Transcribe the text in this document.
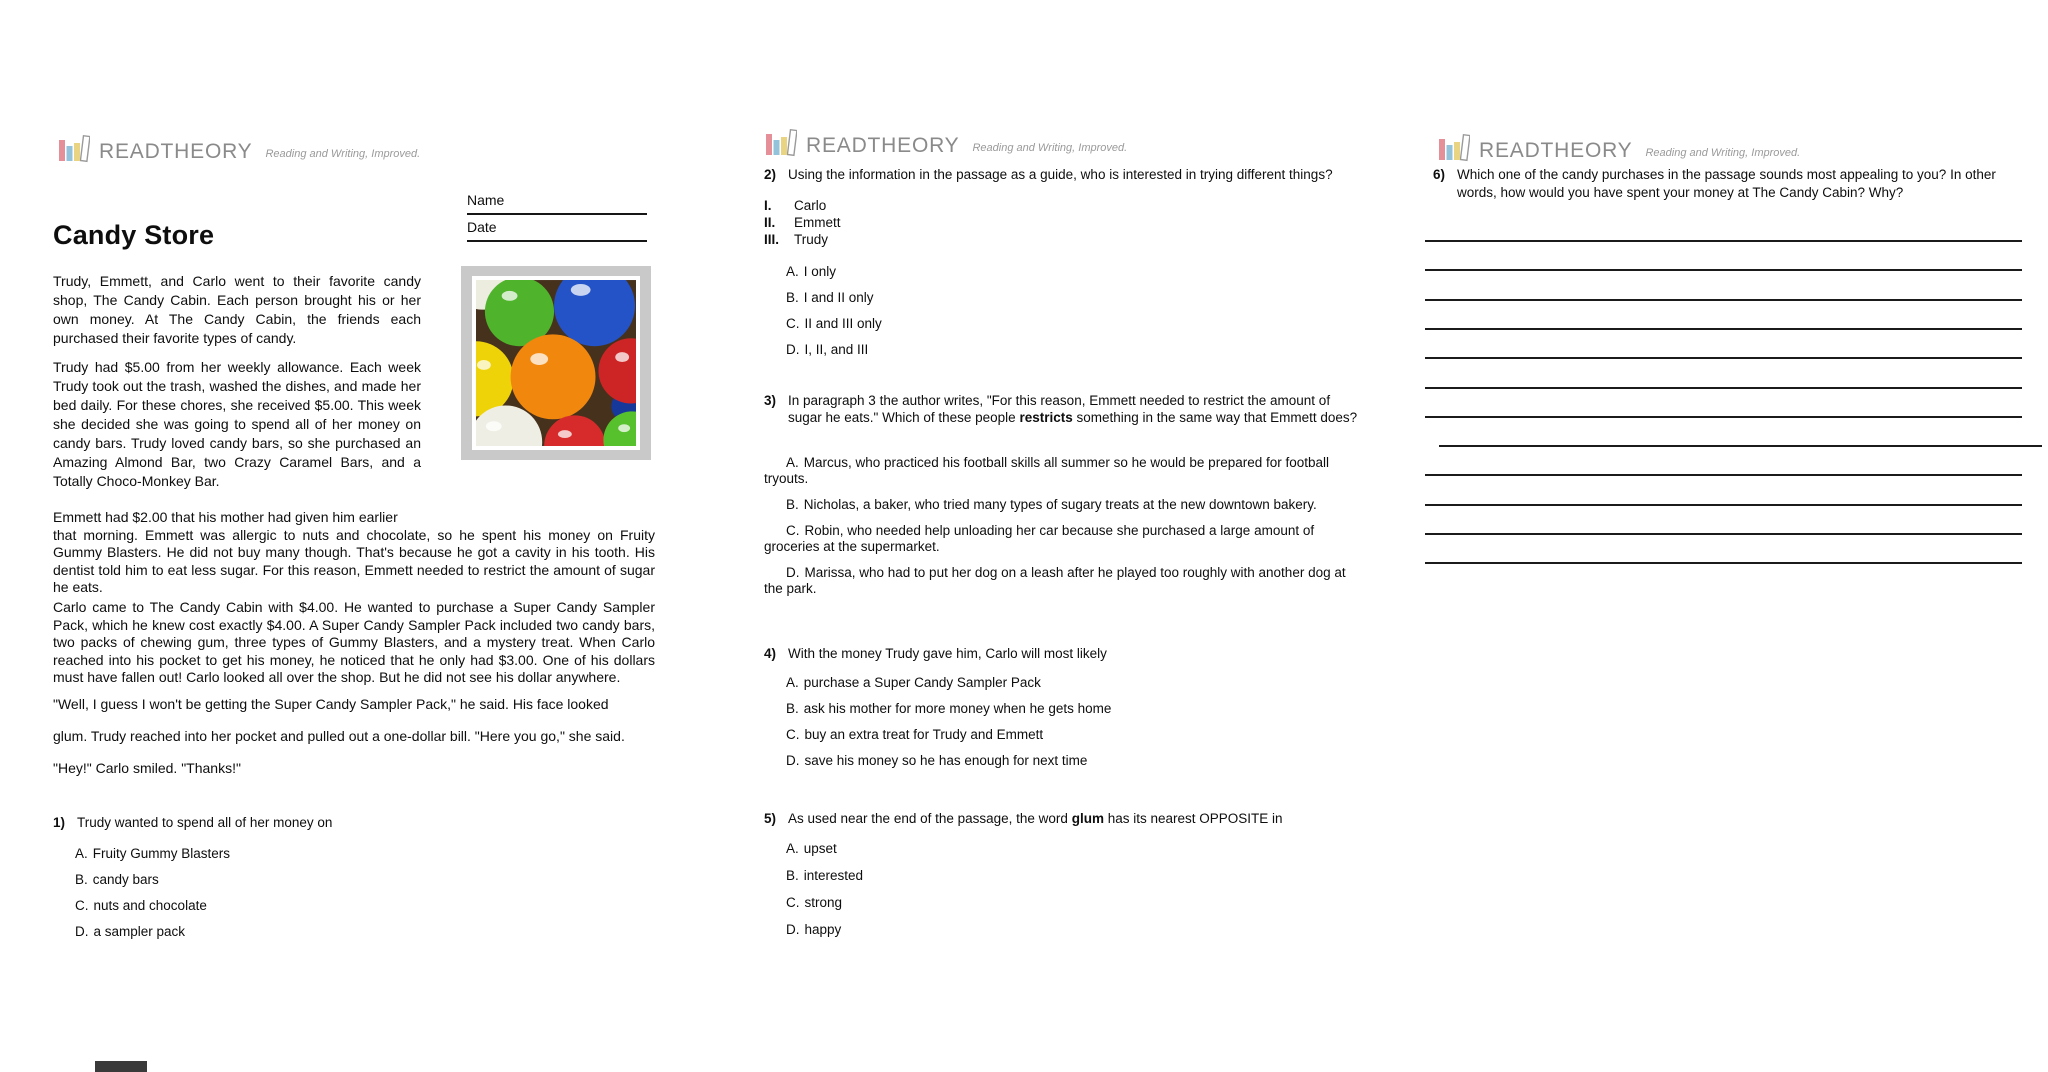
READTHEORY	Reading and Writing, Improved.
Name
Date
Candy Store
Trudy, Emmett, and Carlo went to their favorite candy shop, The Candy Cabin. Each person brought his or her own money. At The Candy Cabin, the friends each purchased their favorite types of candy.
Trudy had $5.00 from her weekly allowance. Each week Trudy took out the trash, washed the dishes, and made her bed daily. For these chores, she received $5.00. This week she decided she was going to spend all of her money on candy bars. Trudy loved candy bars, so she purchased an Amazing Almond Bar, two Crazy Caramel Bars, and a Totally Choco-Monkey Bar.
Emmett had $2.00 that his mother had given him earlier
that morning. Emmett was allergic to nuts and chocolate, so he spent his money on Fruity Gummy Blasters. He did not buy many though. That's because he got a cavity in his tooth. His dentist told him to eat less sugar. For this reason, Emmett needed to restrict the amount of sugar he eats.
Carlo came to The Candy Cabin with $4.00. He wanted to purchase a Super Candy Sampler Pack, which he knew cost exactly $4.00. A Super Candy Sampler Pack included two candy bars, two packs of chewing gum, three types of Gummy Blasters, and a mystery treat. When Carlo reached into his pocket to get his money, he noticed that he only had $3.00. One of his dollars must have fallen out! Carlo looked all over the shop. But he did not see his dollar anywhere.
"Well, I guess I won't be getting the Super Candy Sampler Pack," he said. His face looked
glum. Trudy reached into her pocket and pulled out a one-dollar bill. "Here you go," she said.
"Hey!" Carlo smiled. "Thanks!"
1) Trudy wanted to spend all of her money on
A. Fruity Gummy Blasters
B. candy bars
C. nuts and chocolate
D. a sampler pack
READTHEORY	Reading and Writing, Improved.
2) Using the information in the passage as a guide, who is interested in trying different things?
I.	Carlo
II.	Emmett
III.	Trudy
A. I only
B. I and II only
C. II and III only
D. I, II, and III
3) In paragraph 3 the author writes, "For this reason, Emmett needed to restrict the amount of sugar he eats." Which of these people restricts something in the same way that Emmett does?
A. Marcus, who practiced his football skills all summer so he would be prepared for football tryouts.
B. Nicholas, a baker, who tried many types of sugary treats at the new downtown bakery.
C. Robin, who needed help unloading her car because she purchased a large amount of groceries at the supermarket.
D. Marissa, who had to put her dog on a leash after he played too roughly with another dog at the park.
4) With the money Trudy gave him, Carlo will most likely
A. purchase a Super Candy Sampler Pack
B. ask his mother for more money when he gets home
C. buy an extra treat for Trudy and Emmett
D. save his money so he has enough for next time
5) As used near the end of the passage, the word glum has its nearest OPPOSITE in
A. upset
B. interested
C. strong
D. happy
READTHEORY	Reading and Writing, Improved.
6) Which one of the candy purchases in the passage sounds most appealing to you? In other
words, how would you have spent your money at The Candy Cabin? Why?
